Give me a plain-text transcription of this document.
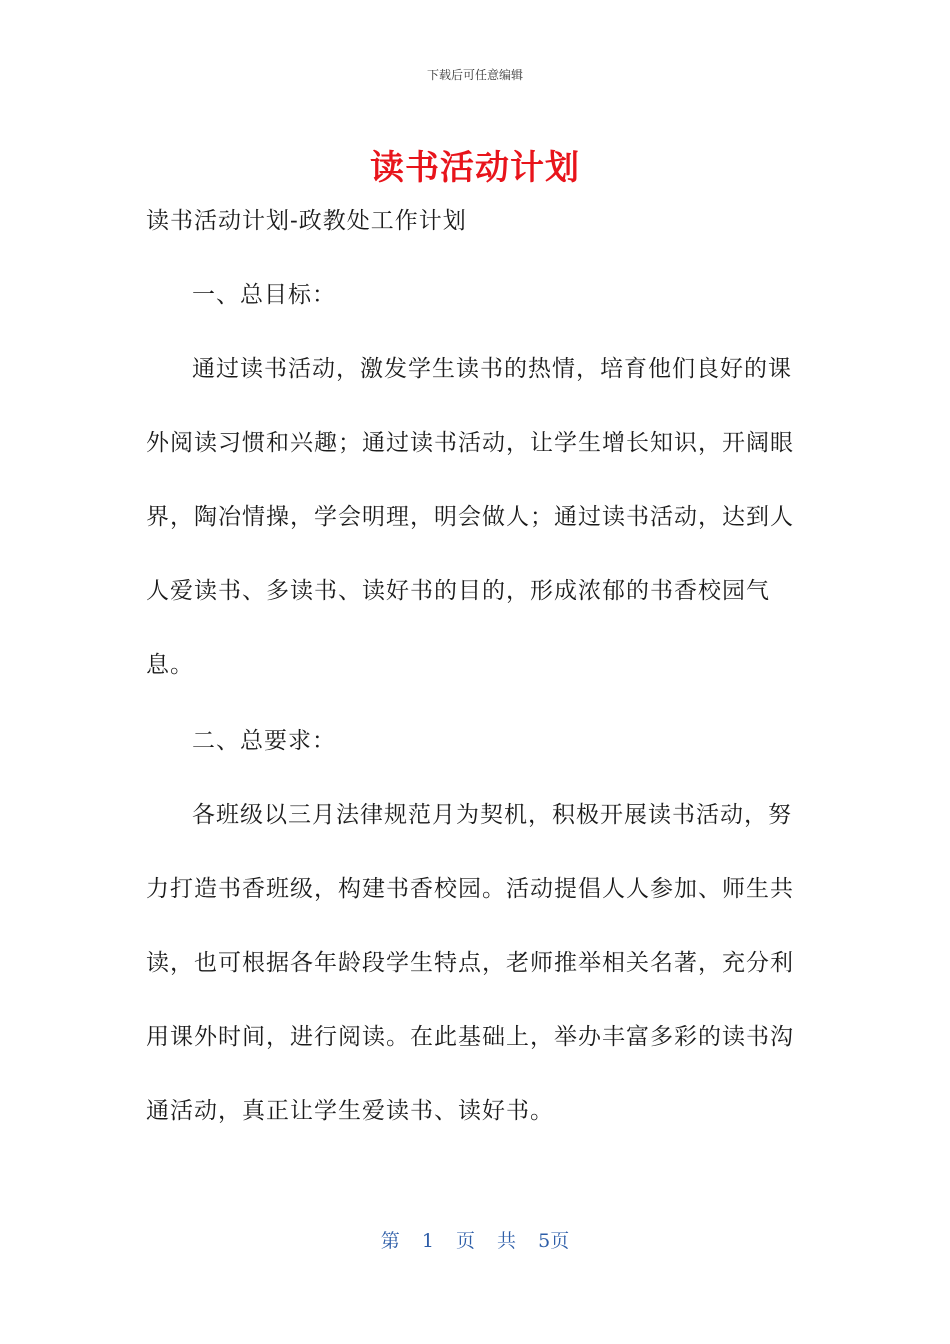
下载后可任意编辑
读书活动计划
读书活动计划-政教处工作计划
一、总目标：
通过读书活动，激发学生读书的热情，培育他们良好的课外阅读习惯和兴趣；通过读书活动，让学生增长知识，开阔眼界，陶冶情操，学会明理，明会做人；通过读书活动，达到人人爱读书、多读书、读好书的目的，形成浓郁的书香校园气息。
二、总要求：
各班级以三月法律规范月为契机，积极开展读书活动，努力打造书香班级，构建书香校园。活动提倡人人参加、师生共读，也可根据各年龄段学生特点，老师推举相关名著，充分利用课外时间，进行阅读。在此基础上，举办丰富多彩的读书沟通活动，真正让学生爱读书、读好书。
第 1 页 共 5页
